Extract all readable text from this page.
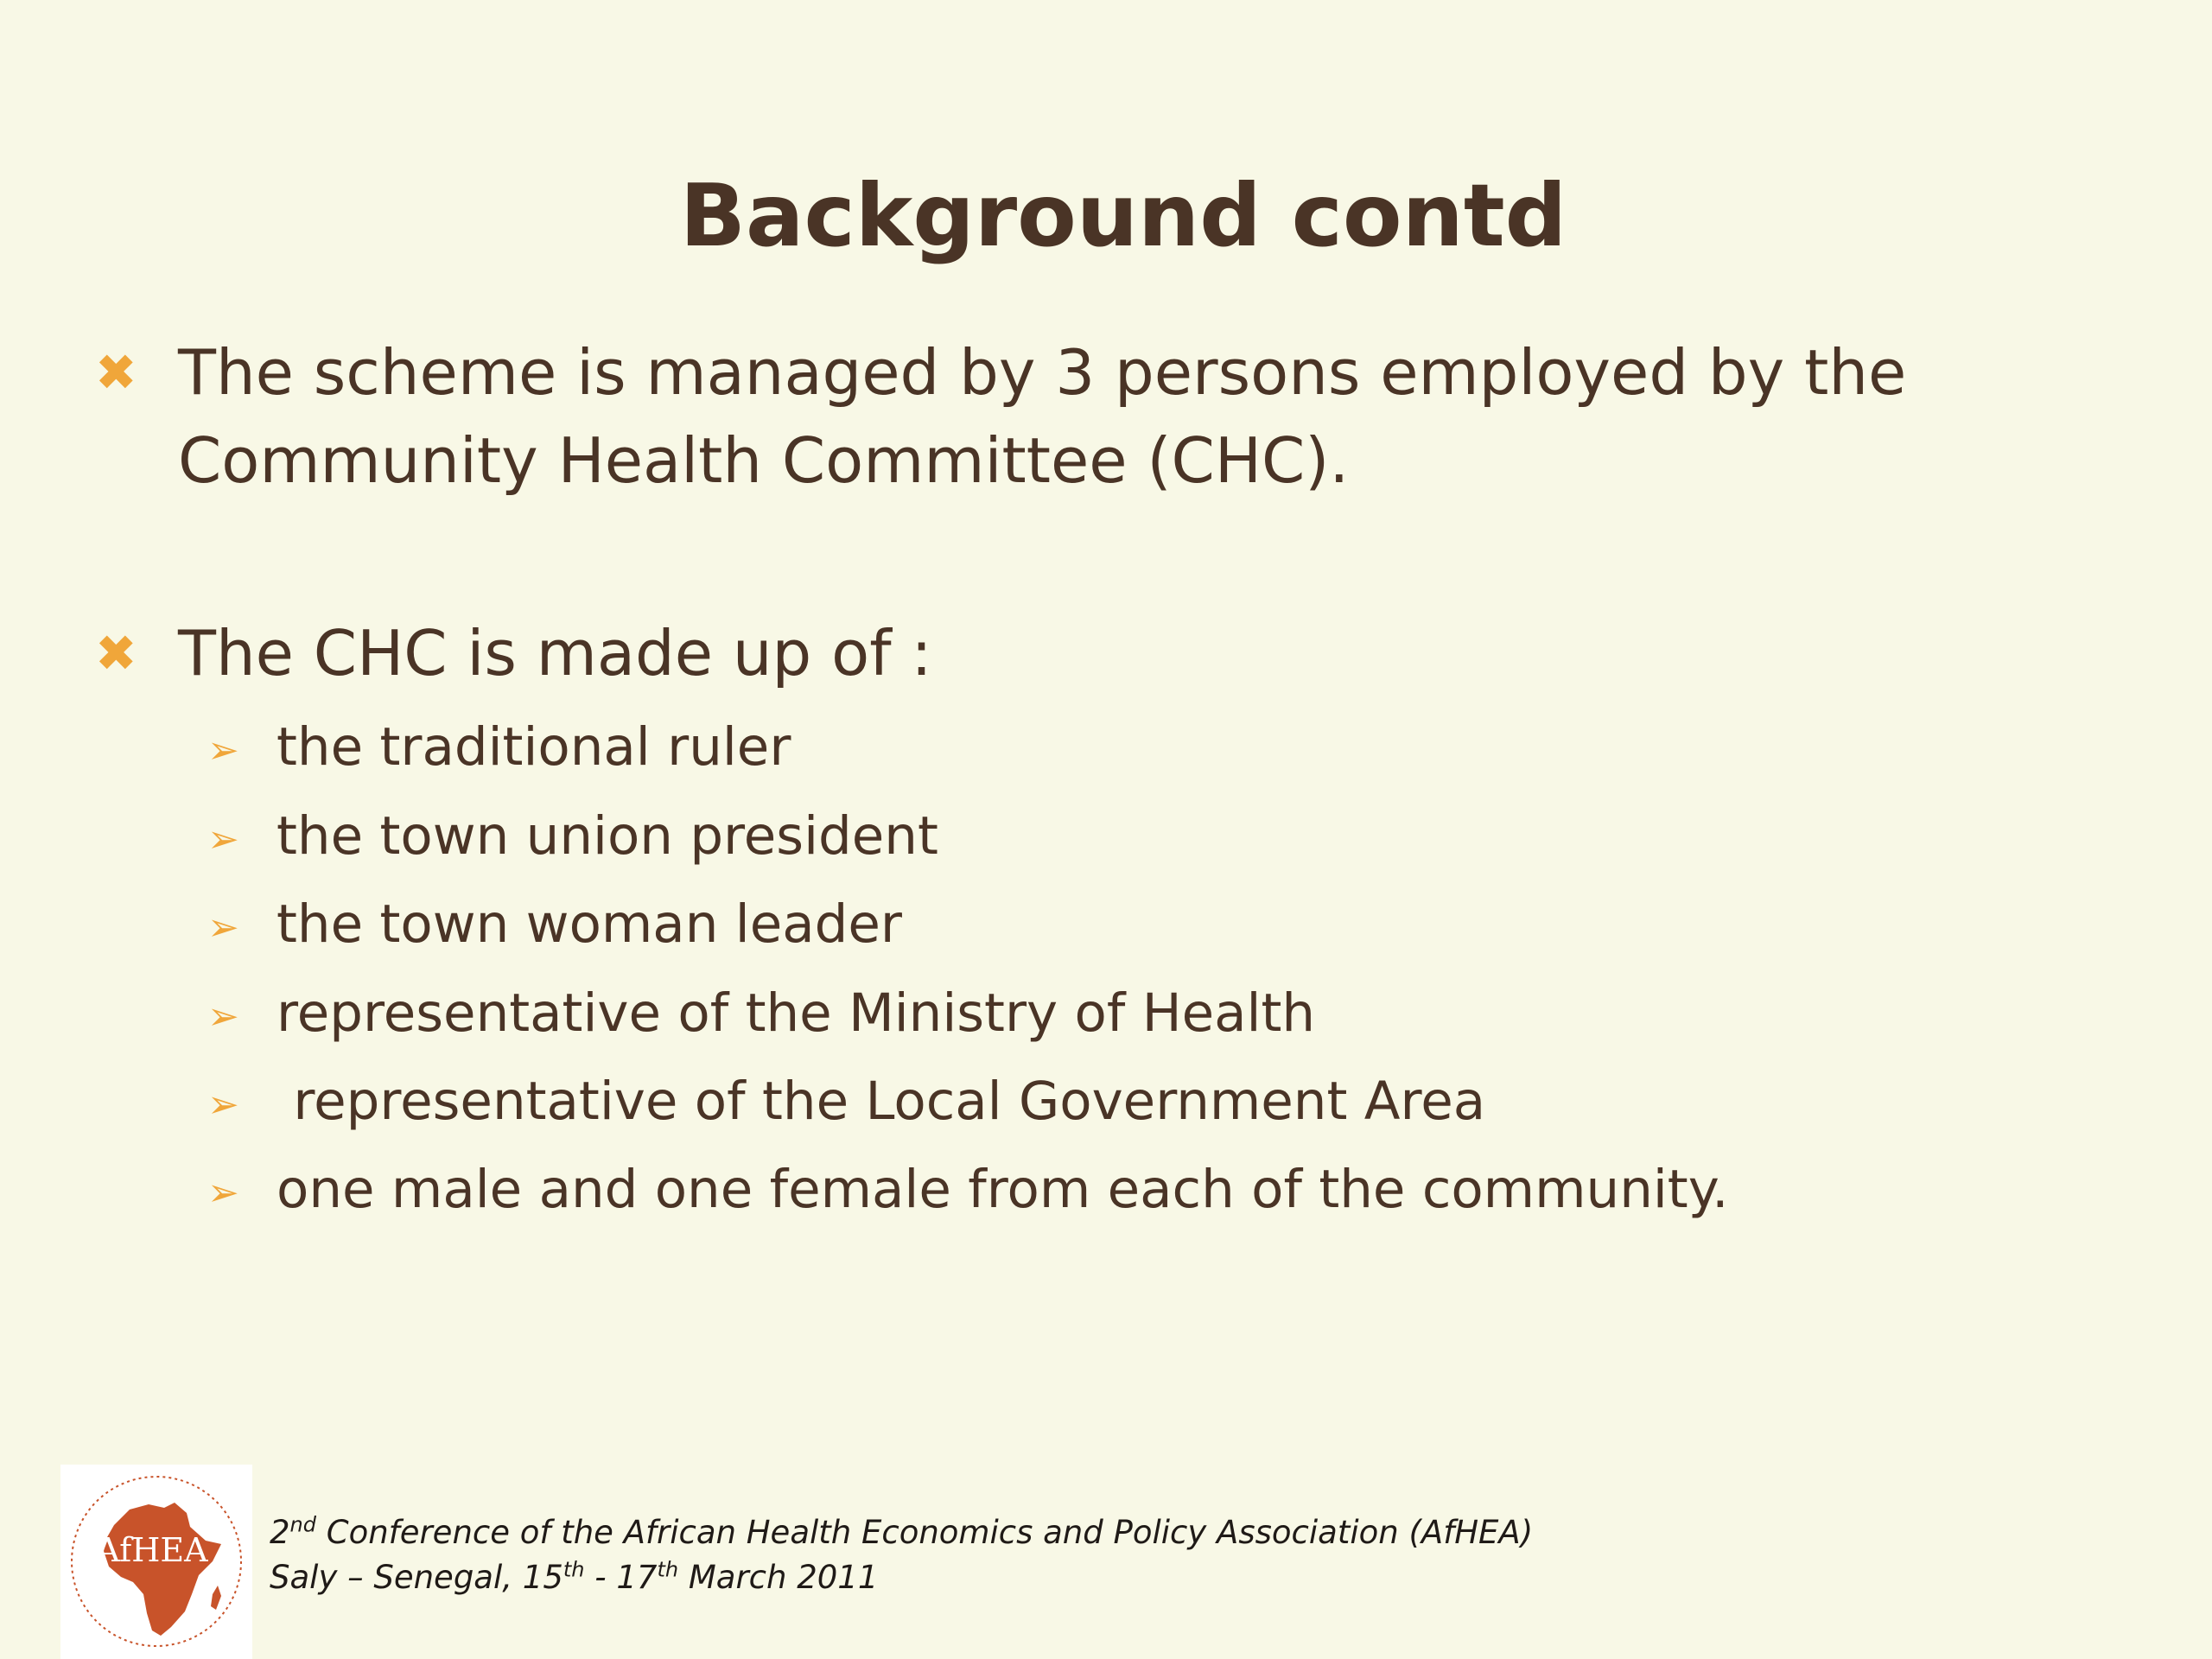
Background contd
✖ The scheme is managed by 3 persons employed by the Community Health Committee (CHC).
✖ The CHC is made up of :
➢ the traditional ruler
➢ the town union president
➢ the town woman leader
➢ representative of the Ministry of Health
➢ representative of the Local Government Area
➢ one male and one female from each of the community.
AfHEA 2nd Conference of the African Health Economics and Policy Association (AfHEA)
Saly – Senegal, 15th - 17th March 2011
